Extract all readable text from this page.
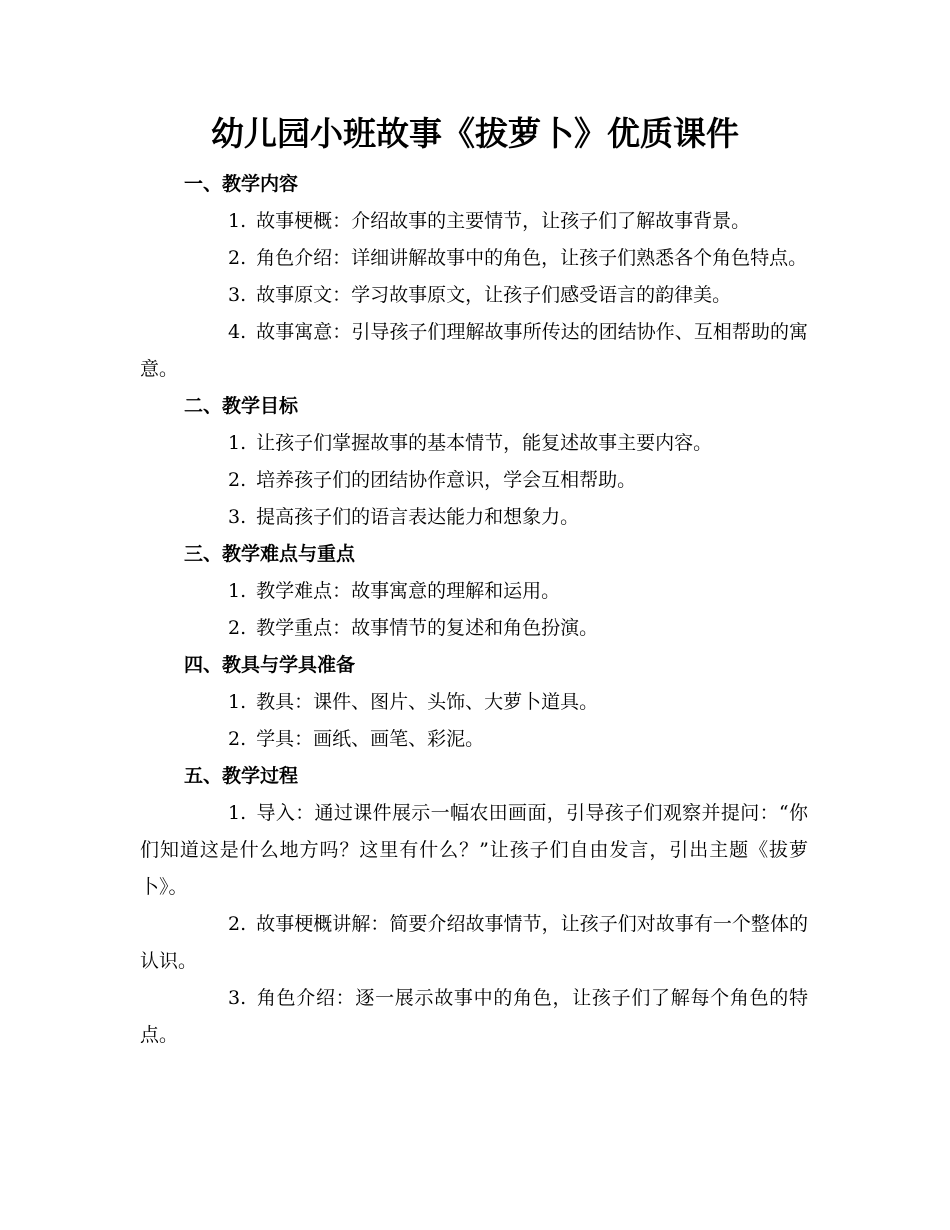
幼儿园小班故事《拔萝卜》优质课件

一、教学内容

1. 故事梗概：介绍故事的主要情节，让孩子们了解故事背景。

2. 角色介绍：详细讲解故事中的角色，让孩子们熟悉各个角色特点。

3. 故事原文：学习故事原文，让孩子们感受语言的韵律美。

4. 故事寓意：引导孩子们理解故事所传达的团结协作、互相帮助的寓意。

二、教学目标

1. 让孩子们掌握故事的基本情节，能复述故事主要内容。

2. 培养孩子们的团结协作意识，学会互相帮助。

3. 提高孩子们的语言表达能力和想象力。

三、教学难点与重点

1. 教学难点：故事寓意的理解和运用。

2. 教学重点：故事情节的复述和角色扮演。

四、教具与学具准备

1. 教具：课件、图片、头饰、大萝卜道具。

2. 学具：画纸、画笔、彩泥。

五、教学过程

1. 导入：通过课件展示一幅农田画面，引导孩子们观察并提问：“你们知道这是什么地方吗？这里有什么？”让孩子们自由发言，引出主题《拔萝卜》。

2. 故事梗概讲解：简要介绍故事情节，让孩子们对故事有一个整体的认识。

3. 角色介绍：逐一展示故事中的角色，让孩子们了解每个角色的特点。
